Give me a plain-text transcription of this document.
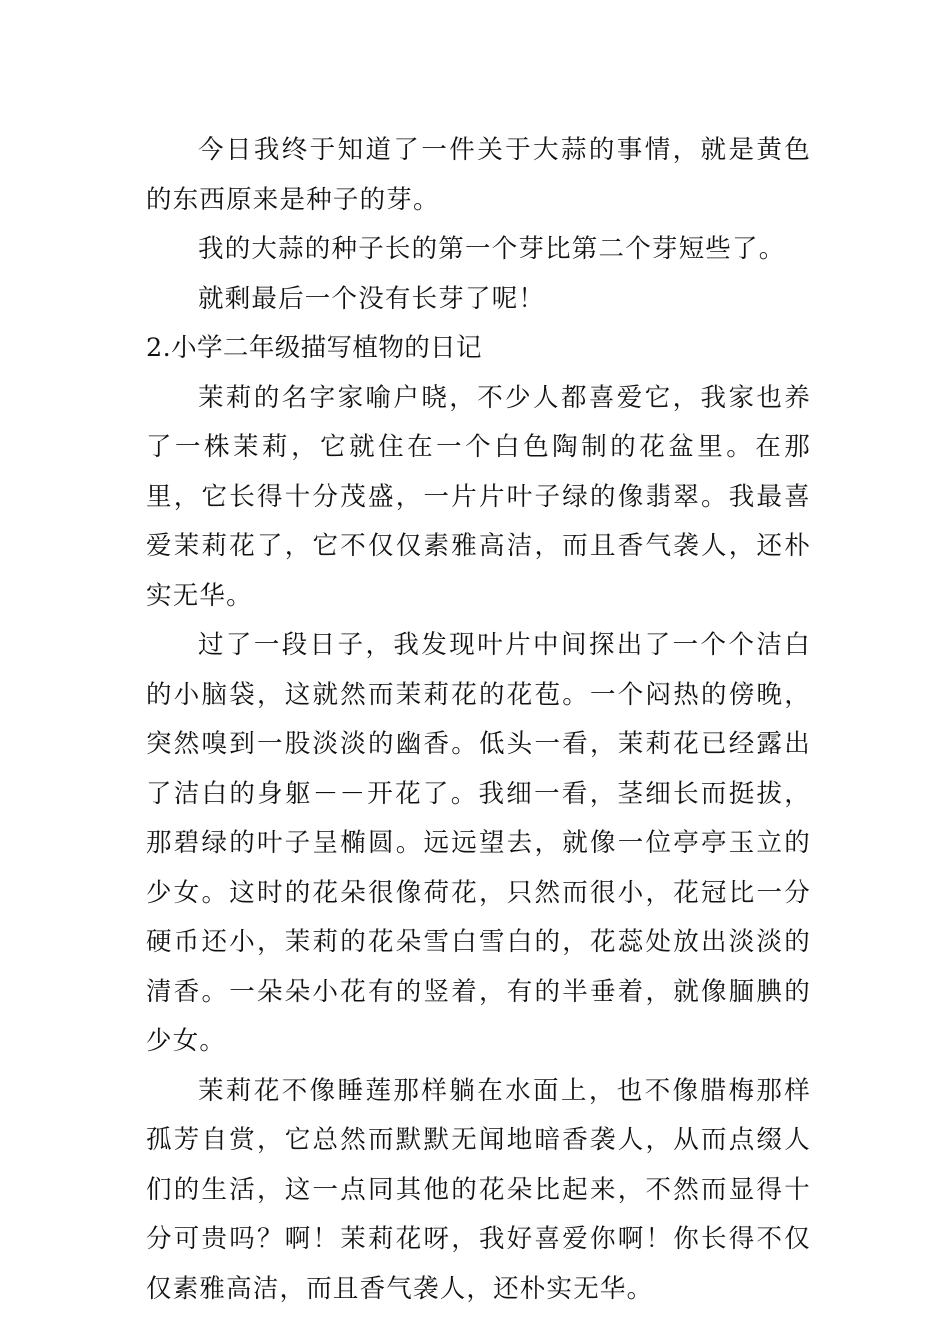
今日我终于知道了一件关于大蒜的事情，就是黄色的东西原来是种子的芽。

我的大蒜的种子长的第一个芽比第二个芽短些了。

就剩最后一个没有长芽了呢！

2.小学二年级描写植物的日记

茉莉的名字家喻户晓，不少人都喜爱它，我家也养了一株茉莉，它就住在一个白色陶制的花盆里。在那里，它长得十分茂盛，一片片叶子绿的像翡翠。我最喜爱茉莉花了，它不仅仅素雅高洁，而且香气袭人，还朴实无华。

过了一段日子，我发现叶片中间探出了一个个洁白的小脑袋，这就然而茉莉花的花苞。一个闷热的傍晚，突然嗅到一股淡淡的幽香。低头一看，茉莉花已经露出了洁白的身躯－－开花了。我细一看，茎细长而挺拔，那碧绿的叶子呈椭圆。远远望去，就像一位亭亭玉立的少女。这时的花朵很像荷花，只然而很小，花冠比一分硬币还小，茉莉的花朵雪白雪白的，花蕊处放出淡淡的清香。一朵朵小花有的竖着，有的半垂着，就像腼腆的少女。

茉莉花不像睡莲那样躺在水面上，也不像腊梅那样孤芳自赏，它总然而默默无闻地暗香袭人，从而点缀人们的生活，这一点同其他的花朵比起来，不然而显得十分可贵吗？啊！茉莉花呀，我好喜爱你啊！你长得不仅仅素雅高洁，而且香气袭人，还朴实无华。
